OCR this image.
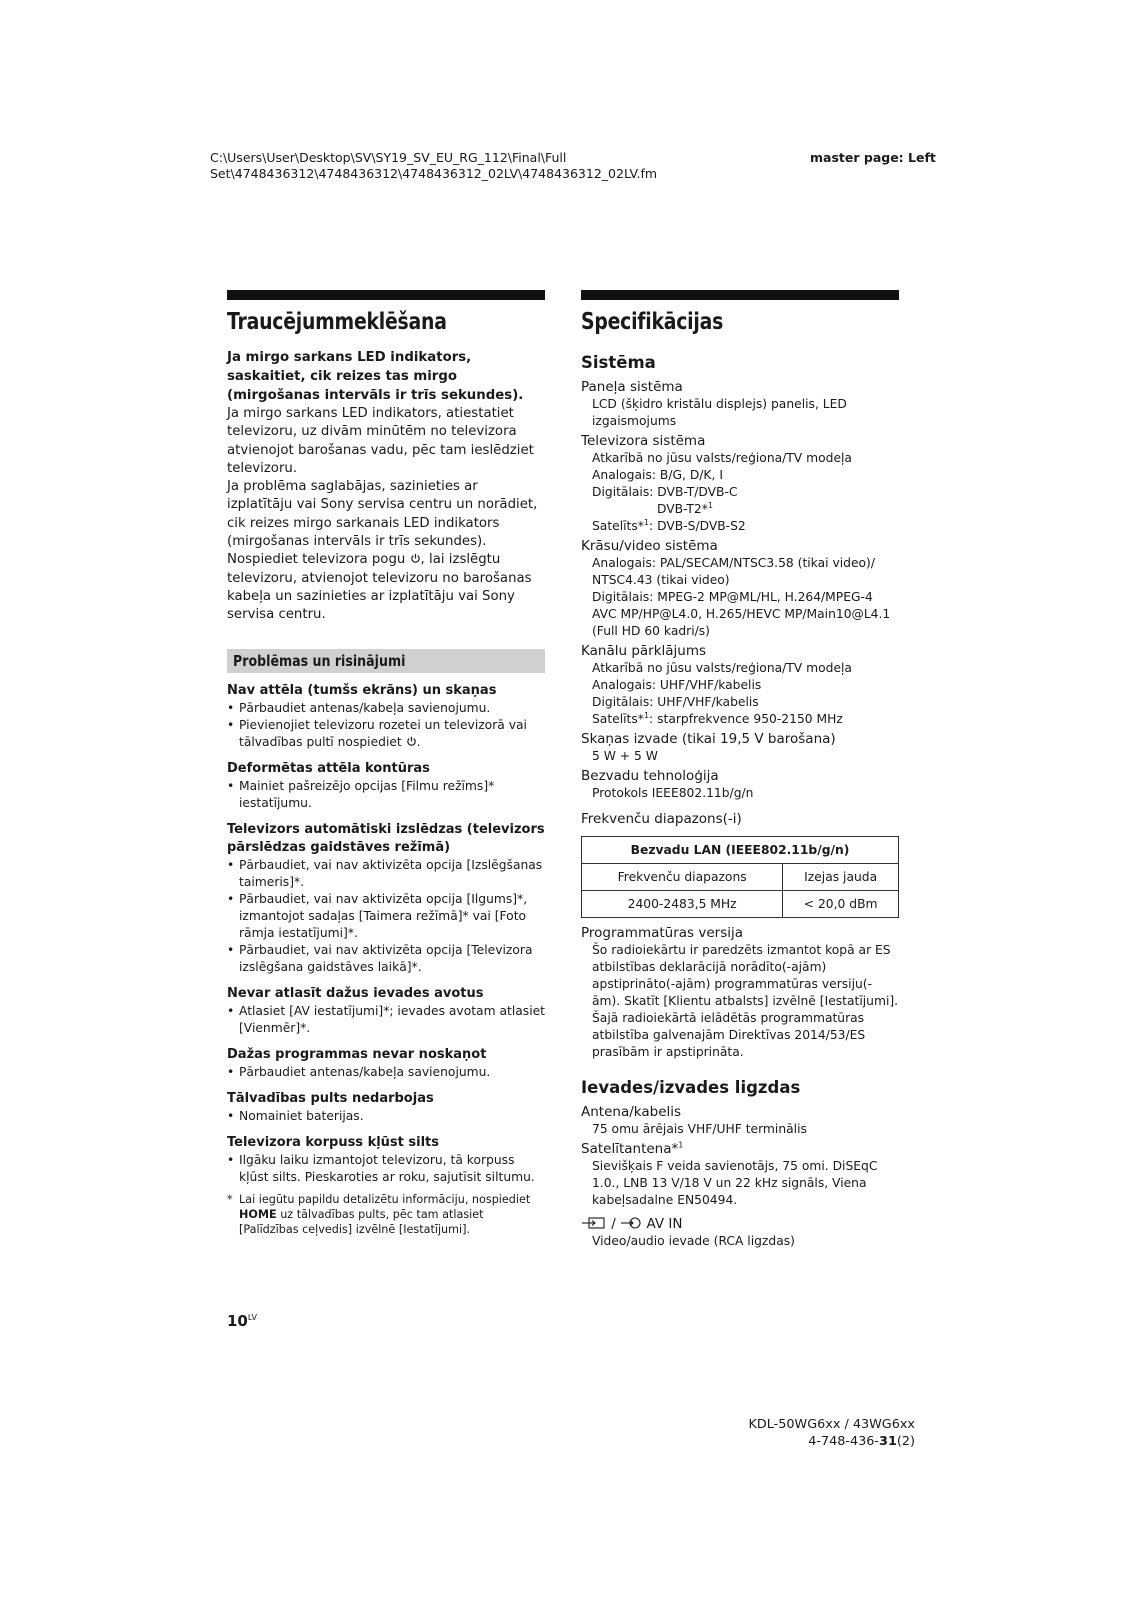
C:\Users\User\Desktop\SV\SY19_SV_EU_RG_112\Final\Full
Set\4748436312\4748436312\4748436312_02LV\4748436312_02LV.fm
master page: Left
Traucējummeklēšana
Ja mirgo sarkans LED indikators, saskaitiet, cik reizes tas mirgo (mirgošanas intervāls ir trīs sekundes).

Ja mirgo sarkans LED indikators, atiestatiet televizoru, uz divām minūtēm no televizora atvienojot barošanas vadu, pēc tam ieslēdziet televizoru.

Ja problēma saglabājas, sazinieties ar izplatītāju vai Sony servisa centru un norādiet, cik reizes mirgo sarkanais LED indikators (mirgošanas intervāls ir trīs sekundes). Nospiediet televizora pogu , lai izslēgtu televizoru, atvienojot televizoru no barošanas kabeļa un sazinieties ar izplatītāju vai Sony servisa centru.

Problēmas un risinājumi
Nav attēla (tumšs ekrāns) un skaņas
• Pārbaudiet antenas/kabeļa savienojumu.
• Pievienojiet televizoru rozetei un televizorā vai tālvadības pultī nospiediet .
Deformētas attēla kontūras
• Mainiet pašreizējo opcijas [Filmu režīms]* iestatījumu.
Televizors automātiski izslēdzas (televizors pārslēdzas gaidstāves režīmā)
• Pārbaudiet, vai nav aktivizēta opcija [Izslēgšanas taimeris]*.
• Pārbaudiet, vai nav aktivizēta opcija [Ilgums]*, izmantojot sadaļas [Taimera režīmā]* vai [Foto rāmja iestatījumi]*.
• Pārbaudiet, vai nav aktivizēta opcija [Televizora izslēgšana gaidstāves laikā]*.
Nevar atlasīt dažus ievades avotus
• Atlasiet [AV iestatījumi]*; ievades avotam atlasiet [Vienmēr]*.
Dažas programmas nevar noskaņot
• Pārbaudiet antenas/kabeļa savienojumu.
Tālvadības pults nedarbojas
• Nomainiet baterijas.
Televizora korpuss kļūst silts
• Ilgāku laiku izmantojot televizoru, tā korpuss kļūst silts. Pieskaroties ar roku, sajutīsit siltumu.
* Lai iegūtu papildu detalizētu informāciju, nospiediet HOME uz tālvadības pults, pēc tam atlasiet [Palīdzības ceļvedis] izvēlnē [Iestatījumi].
Specifikācijas
Sistēma
Paneļa sistēma
LCD (šķidro kristālu displejs) panelis, LED izgaismojums
Televizora sistēma
Atkarībā no jūsu valsts/reģiona/TV modeļa
Analogais: B/G, D/K, I
Digitālais: DVB-T/DVB-C
DVB-T2*$^1$
Satelīts*$^1$: DVB-S/DVB-S2
Krāsu/video sistēma
Analogais: PAL/SECAM/NTSC3.58 (tikai video)/ NTSC4.43 (tikai video)
Digitālais: MPEG-2 MP@ML/HL, H.264/MPEG-4 AVC MP/HP@L4.0, H.265/HEVC MP/Main10@L4.1 (Full HD 60 kadri/s)
Kanālu pārklājums
Atkarībā no jūsu valsts/reģiona/TV modeļa
Analogais: UHF/VHF/kabelis
Digitālais: UHF/VHF/kabelis
Satelīts*$^1$: starpfrekvence 950-2150 MHz
Skaņas izvade (tikai 19,5 V barošana)
5 W + 5 W
Bezvadu tehnoloģija
Protokols IEEE802.11b/g/n
Frekvenču diapazons(-i)
Bezvadu LAN (IEEE802.11b/g/n)	
Frekvenču diapazons	Izejas jauda
2400-2483,5 MHz	< 20,0 dBm
Programmatūras versija
Šo radioiekārtu ir paredzēts izmantot kopā ar ES atbilstības deklarācijā norādīto(-ajām) apstiprināto(-ajām) programmatūras versiju(-ām). Skatīt [Klientu atbalsts] izvēlnē [Iestatījumi]. Šajā radioiekārtā ielādētās programmatūras atbilstība galvenajām Direktīvas 2014/53/ES prasībām ir apstiprināta.
Ievades/izvades ligzdas
Antena/kabelis
75 omu ārējais VHF/UHF terminālis
Satelītantena*$^1$
Sievišķais F veida savienotājs, 75 omi. DiSEqC 1.0., LNB 13 V/18 V un 22 kHz signāls, Viena kabeļsadalne EN50494.
/ AV IN
Video/audio ievade (RCA ligzdas)
$10^{LV}$
KDL-50WG6xx / 43WG6xx
4-748-436-31(2)
